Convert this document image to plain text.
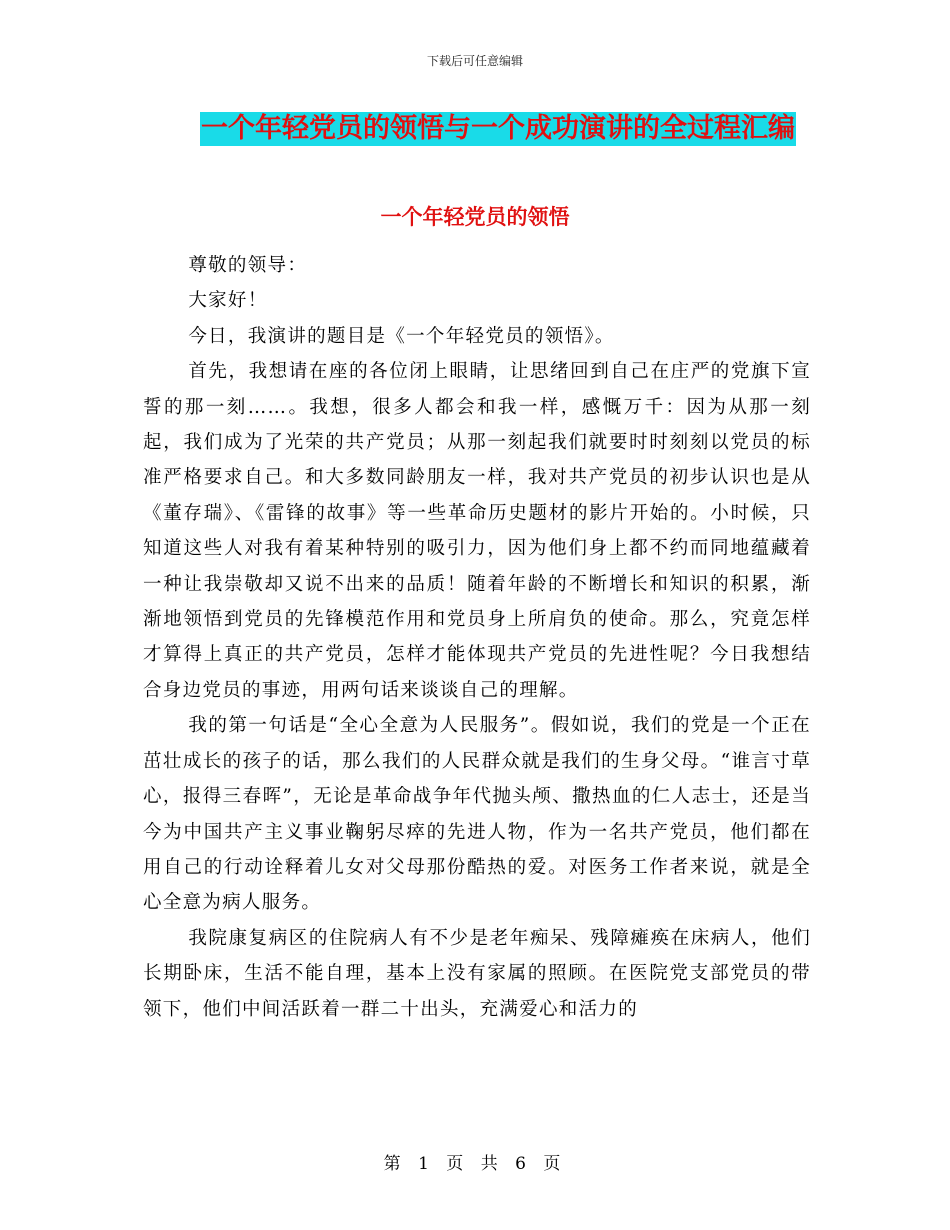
下载后可任意编辑
一个年轻党员的领悟与一个成功演讲的全过程汇编
一个年轻党员的领悟

尊敬的领导：

大家好！

今日，我演讲的题目是《一个年轻党员的领悟》。

首先，我想请在座的各位闭上眼睛，让思绪回到自己在庄严的党旗下宣誓的那一刻……。我想，很多人都会和我一样，感慨万千：因为从那一刻起，我们成为了光荣的共产党员；从那一刻起我们就要时时刻刻以党员的标准严格要求自己。和大多数同龄朋友一样，我对共产党员的初步认识也是从《董存瑞》、《雷锋的故事》等一些革命历史题材的影片开始的。小时候，只知道这些人对我有着某种特别的吸引力，因为他们身上都不约而同地蕴藏着一种让我崇敬却又说不出来的品质！随着年龄的不断增长和知识的积累，渐渐地领悟到党员的先锋模范作用和党员身上所肩负的使命。那么，究竟怎样才算得上真正的共产党员，怎样才能体现共产党员的先进性呢？今日我想结合身边党员的事迹，用两句话来谈谈自己的理解。

我的第一句话是“全心全意为人民服务”。假如说，我们的党是一个正在茁壮成长的孩子的话，那么我们的人民群众就是我们的生身父母。“谁言寸草心，报得三春晖”，无论是革命战争年代抛头颅、撒热血的仁人志士，还是当今为中国共产主义事业鞠躬尽瘁的先进人物，作为一名共产党员，他们都在用自己的行动诠释着儿女对父母那份酷热的爱。对医务工作者来说，就是全心全意为病人服务。

我院康复病区的住院病人有不少是老年痴呆、残障瘫痪在床病人，他们长期卧床，生活不能自理，基本上没有家属的照顾。在医院党支部党员的带领下，他们中间活跃着一群二十出头，充满爱心和活力的

第 1 页 共 6 页
